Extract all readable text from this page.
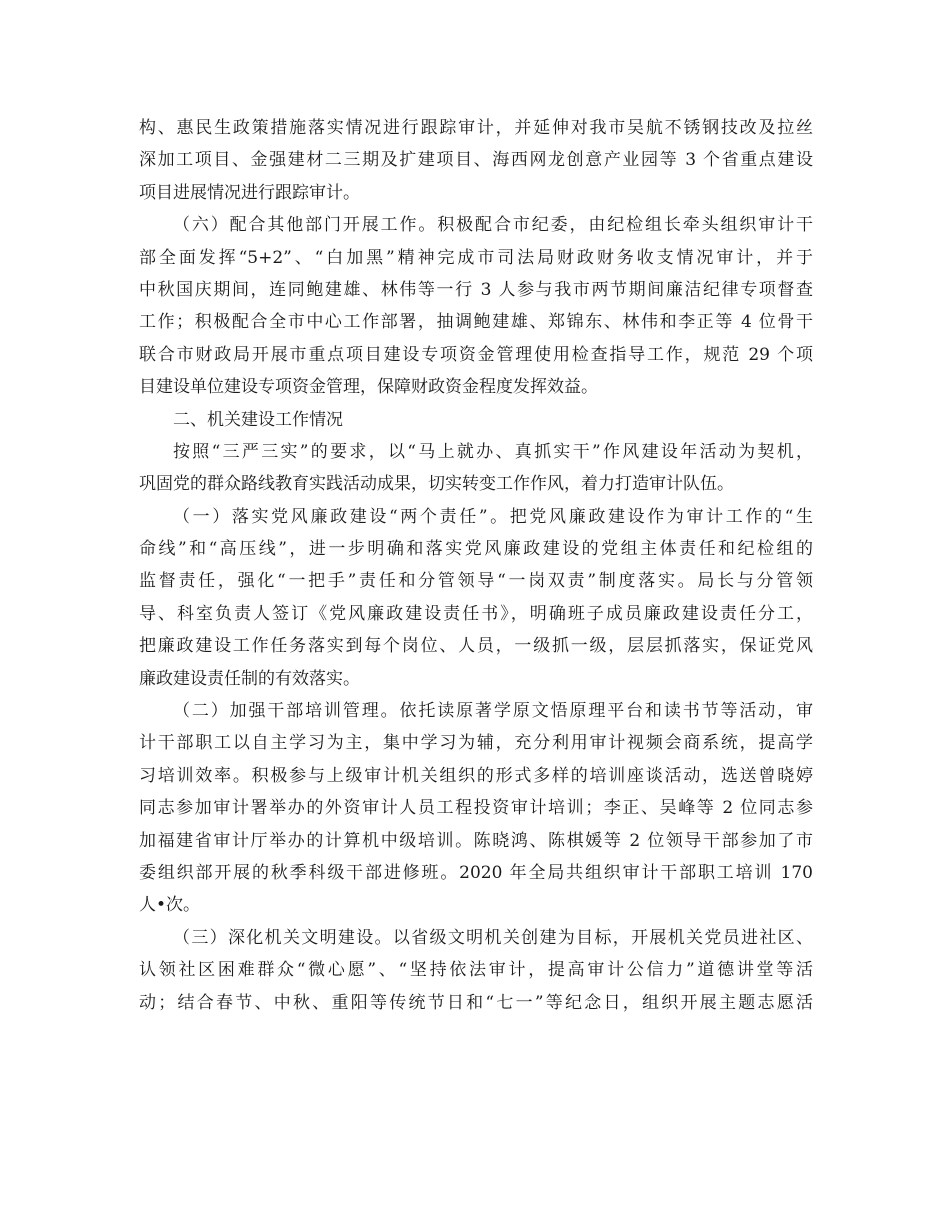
构、惠民生政策措施落实情况进行跟踪审计，并延伸对我市吴航不锈钢技改及拉丝
深加工项目、金强建材二三期及扩建项目、海西网龙创意产业园等 3 个省重点建设
项目进展情况进行跟踪审计。
（六）配合其他部门开展工作。积极配合市纪委，由纪检组长牵头组织审计干
部全面发挥“5+2”、“白加黑”精神完成市司法局财政财务收支情况审计，并于
中秋国庆期间，连同鲍建雄、林伟等一行 3 人参与我市两节期间廉洁纪律专项督查
工作；积极配合全市中心工作部署，抽调鲍建雄、郑锦东、林伟和李正等 4 位骨干
联合市财政局开展市重点项目建设专项资金管理使用检查指导工作，规范 29 个项
目建设单位建设专项资金管理，保障财政资金程度发挥效益。
二、机关建设工作情况
按照“三严三实”的要求，以“马上就办、真抓实干”作风建设年活动为契机，
巩固党的群众路线教育实践活动成果，切实转变工作作风，着力打造审计队伍。
（一）落实党风廉政建设“两个责任”。把党风廉政建设作为审计工作的“生
命线”和“高压线”，进一步明确和落实党风廉政建设的党组主体责任和纪检组的
监督责任，强化“一把手”责任和分管领导“一岗双责”制度落实。局长与分管领
导、科室负责人签订《党风廉政建设责任书》，明确班子成员廉政建设责任分工，
把廉政建设工作任务落实到每个岗位、人员，一级抓一级，层层抓落实，保证党风
廉政建设责任制的有效落实。
（二）加强干部培训管理。依托读原著学原文悟原理平台和读书节等活动，审
计干部职工以自主学习为主，集中学习为辅，充分利用审计视频会商系统，提高学
习培训效率。积极参与上级审计机关组织的形式多样的培训座谈活动，选送曾晓婷
同志参加审计署举办的外资审计人员工程投资审计培训；李正、吴峰等 2 位同志参
加福建省审计厅举办的计算机中级培训。陈晓鸿、陈棋媛等 2 位领导干部参加了市
委组织部开展的秋季科级干部进修班。2020 年全局共组织审计干部职工培训 170
人•次。
（三）深化机关文明建设。以省级文明机关创建为目标，开展机关党员进社区、
认领社区困难群众“微心愿”、“坚持依法审计，提高审计公信力”道德讲堂等活
动；结合春节、中秋、重阳等传统节日和“七一”等纪念日，组织开展主题志愿活
